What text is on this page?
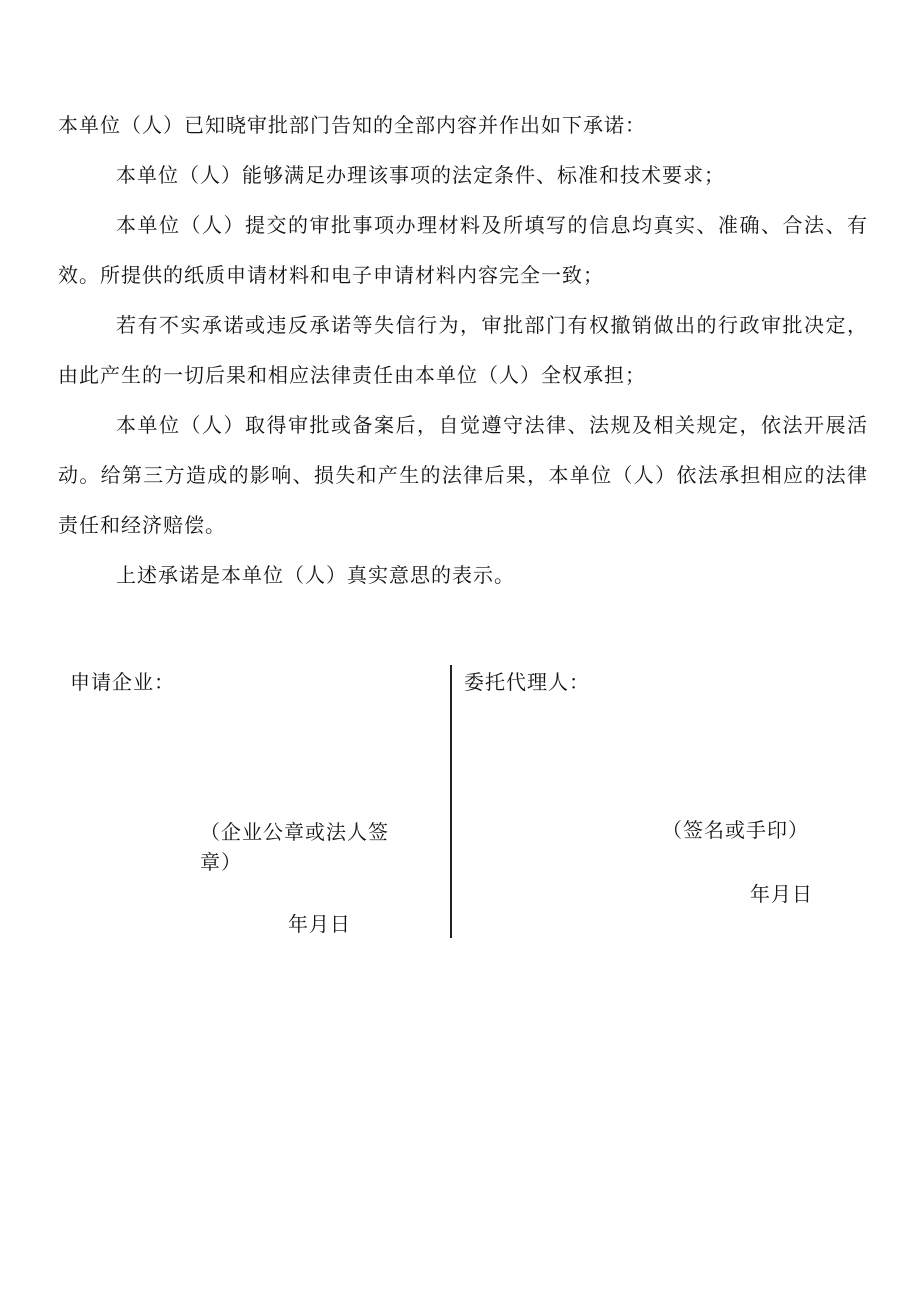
本单位（人）已知晓审批部门告知的全部内容并作出如下承诺：

本单位（人）能够满足办理该事项的法定条件、标准和技术要求；

本单位（人）提交的审批事项办理材料及所填写的信息均真实、准确、合法、有效。所提供的纸质申请材料和电子申请材料内容完全一致；

若有不实承诺或违反承诺等失信行为，审批部门有权撤销做出的行政审批决定，由此产生的一切后果和相应法律责任由本单位（人）全权承担；

本单位（人）取得审批或备案后，自觉遵守法律、法规及相关规定，依法开展活动。给第三方造成的影响、损失和产生的法律后果，本单位（人）依法承担相应的法律责任和经济赔偿。

上述承诺是本单位（人）真实意思的表示。

申请企业：
（企业公章或法人签章）
年月日
委托代理人：
（签名或手印）
年月日
